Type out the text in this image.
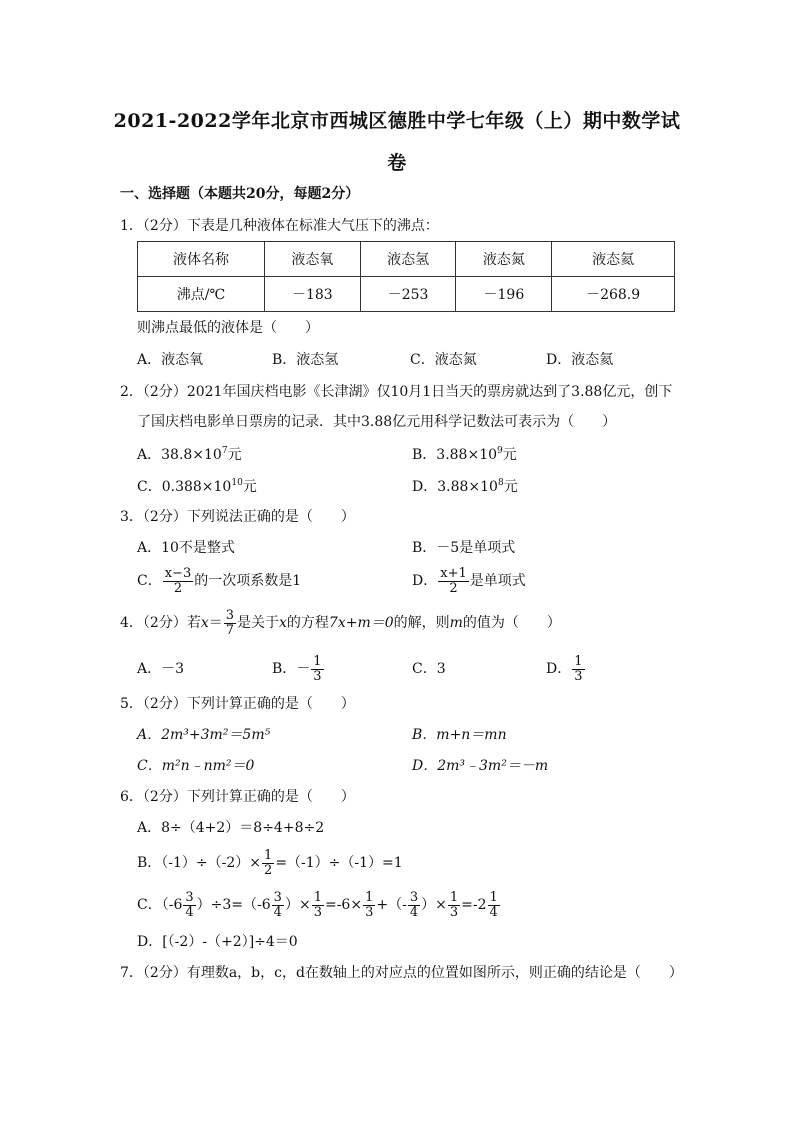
2021-2022学年北京市西城区德胜中学七年级（上）期中数学试
卷
一、选择题（本题共20分，每题2分）
1．（2分）下表是几种液体在标准大气压下的沸点：
液体名称	液态氧	液态氢	液态氮	液态氦
沸点/℃	－183	－253	－196	－268.9
则沸点最低的液体是（　　）
A．液态氧	B．液态氢	C．液态氮	D．液态氦
2．（2分）2021年国庆档电影《长津湖》仅10月1日当天的票房就达到了3.88亿元，创下
了国庆档电影单日票房的记录．其中3.88亿元用科学记数法可表示为（　　）
A．$38.8\times 10^7$元	B．$3.88\times 10^9$元
C．$0.388\times 10^{10}$元	D．$3.88\times 10^8$元
3．（2分）下列说法正确的是（　　）
A．10不是整式	B．－5是单项式
C． $\frac{x-3}{2}$ 的一次项系数是1	D． $\frac{x+1}{2}$ 是单项式
4．（2分）若$x= \frac{3}{7}$ 是关于x的方程7x+m＝0的解，则m的值为（　　）
A．－3	B．－ $\frac{1}{3}$	C．3	D． $\frac{1}{3}$
5．（2分）下列计算正确的是（　　）
A．2m³+3m²＝5m⁵	B．m+n＝mn
C．m²n﹣nm²＝0	D．2m³﹣3m²＝－m
6．（2分）下列计算正确的是（　　）
A．8÷（4+2）＝8÷4+8÷2
B．$(-1)\div(-2)\times \frac{1}{2} =(-1)\div(-1)=1$
C．$(-6 \frac{3}{4} )\div 3=(-6 \frac{3}{4}$ ）× $\frac{1}{3} =-6\times \frac{1}{3}$ +（- $\frac{3}{4}$ ）× $\frac{1}{3} =-2 \frac{1}{4}$
D．[（-2）-（+2）]÷4＝0
7．（2分）有理数a，b，c，d在数轴上的对应点的位置如图所示，则正确的结论是（　　）
